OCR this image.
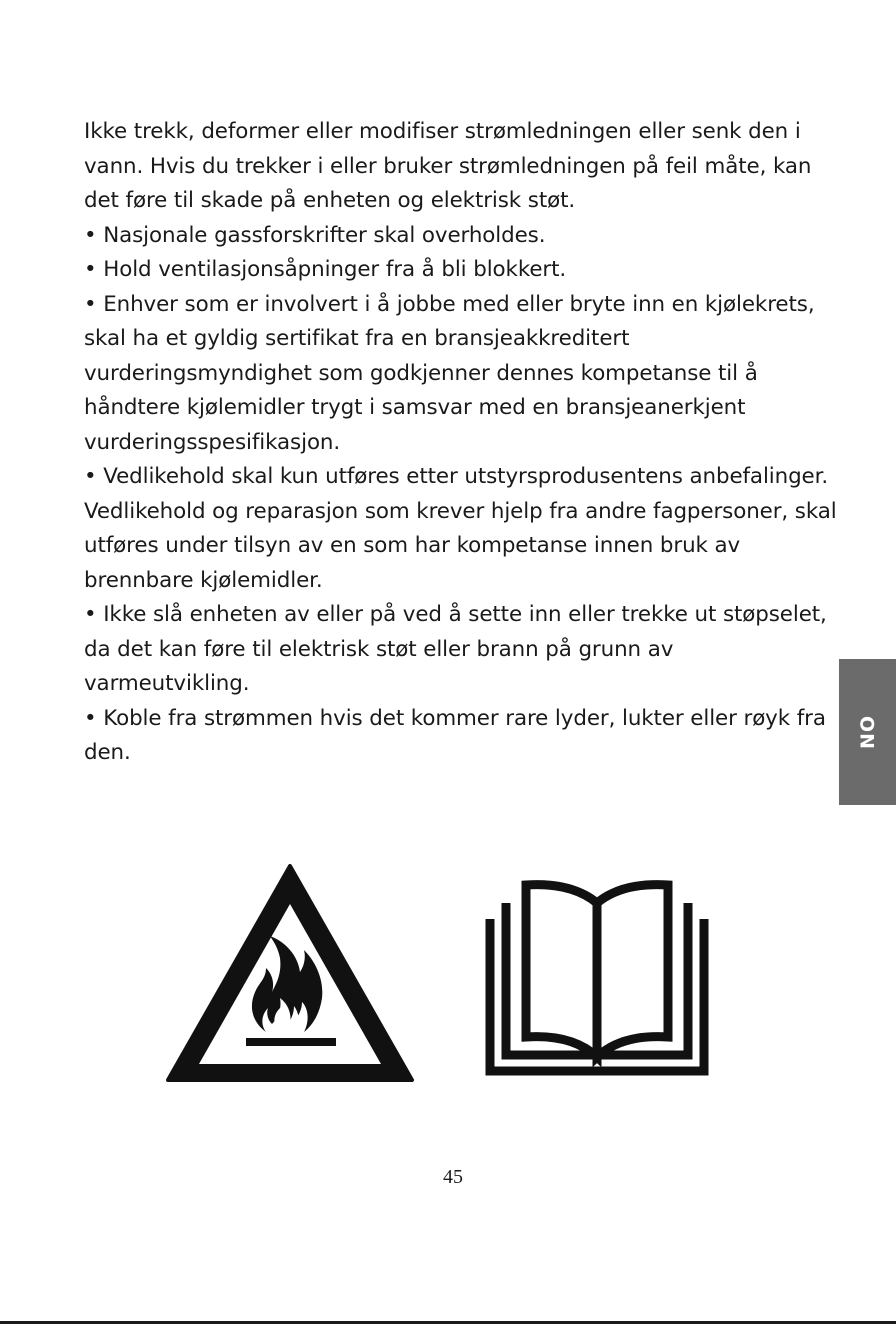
Ikke trekk, deformer eller modifiser strømledningen eller senk den i vann. Hvis du trekker i eller bruker strømledningen på feil måte, kan det føre til skade på enheten og elektrisk støt.

• Nasjonale gassforskrifter skal overholdes.

• Hold ventilasjonsåpninger fra å bli blokkert.

• Enhver som er involvert i å jobbe med eller bryte inn en kjølekrets, skal ha et gyldig sertifikat fra en bransjeakkreditert vurderingsmyndighet som godkjenner dennes kompetanse til å håndtere kjølemidler trygt i samsvar med en bransjeanerkjent vurderingsspesifikasjon.

• Vedlikehold skal kun utføres etter utstyrsprodusentens anbefalinger. Vedlikehold og reparasjon som krever hjelp fra andre fagpersoner, skal utføres under tilsyn av en som har kompetanse innen bruk av brennbare kjølemidler.

• Ikke slå enheten av eller på ved å sette inn eller trekke ut støpselet, da det kan føre til elektrisk støt eller brann på grunn av varmeutvikling.

• Koble fra strømmen hvis det kommer rare lyder, lukter eller røyk fra den.

NO
45
